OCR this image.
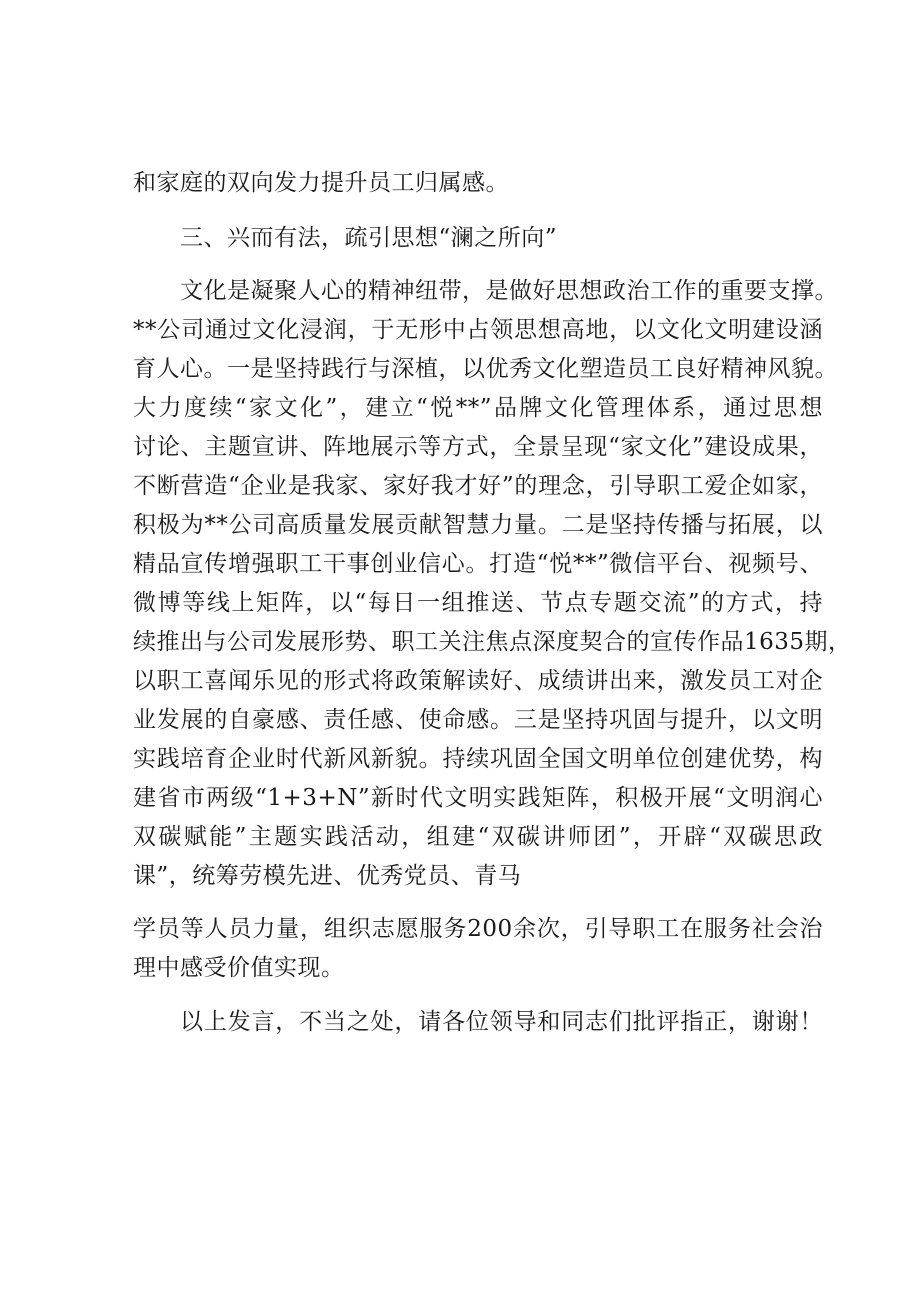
和家庭的双向发力提升员工归属感。
三、兴而有法，疏引思想“澜之所向”
文化是凝聚人心的精神纽带，是做好思想政治工作的重要支撑。
**公司通过文化浸润，于无形中占领思想高地，以文化文明建设涵
育人心。一是坚持践行与深植，以优秀文化塑造员工良好精神风貌。
大力度续“家文化”，建立“悦**”品牌文化管理体系，通过思想
讨论、主题宣讲、阵地展示等方式，全景呈现“家文化”建设成果，
不断营造“企业是我家、家好我才好”的理念，引导职工爱企如家，
积极为**公司高质量发展贡献智慧力量。二是坚持传播与拓展，以
精品宣传增强职工干事创业信心。打造“悦**”微信平台、视频号、
微博等线上矩阵，以“每日一组推送、节点专题交流”的方式，持
续推出与公司发展形势、职工关注焦点深度契合的宣传作品1635期，
以职工喜闻乐见的形式将政策解读好、成绩讲出来，激发员工对企
业发展的自豪感、责任感、使命感。三是坚持巩固与提升，以文明
实践培育企业时代新风新貌。持续巩固全国文明单位创建优势，构
建省市两级“1+3+N”新时代文明实践矩阵，积极开展“文明润心
双碳赋能”主题实践活动，组建“双碳讲师团”，开辟“双碳思政
课”，统筹劳模先进、优秀党员、青马
学员等人员力量，组织志愿服务200余次，引导职工在服务社会治
理中感受价值实现。
以上发言，不当之处，请各位领导和同志们批评指正，谢谢！
